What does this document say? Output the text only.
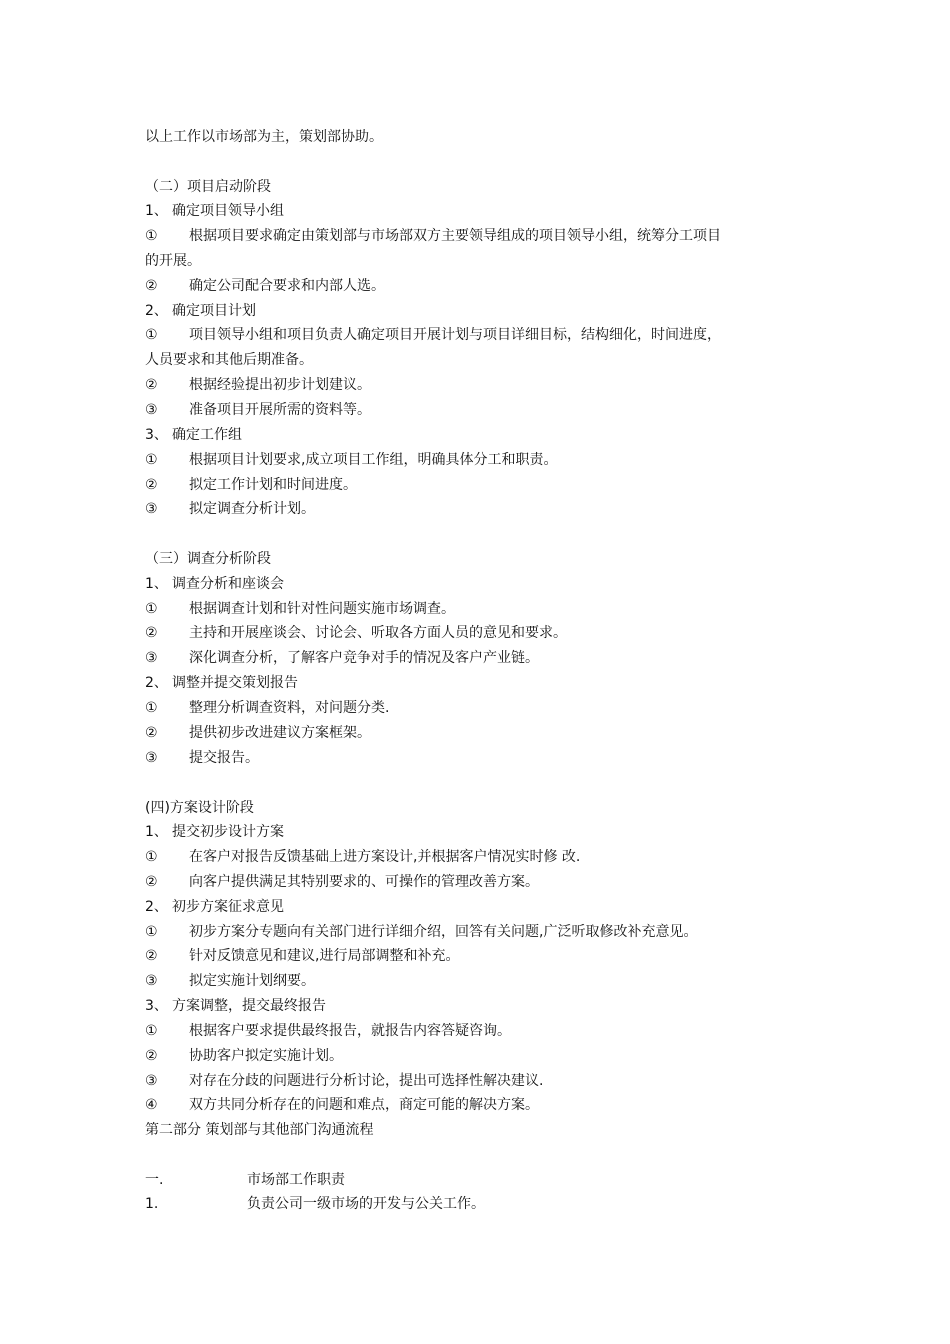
以上工作以市场部为主，策划部协助。
（二）项目启动阶段
1、 确定项目领导小组
① 根据项目要求确定由策划部与市场部双方主要领导组成的项目领导小组，统筹分工项目
的开展。
② 确定公司配合要求和内部人选。
2、 确定项目计划
① 项目领导小组和项目负责人确定项目开展计划与项目详细目标，结构细化，时间进度，
人员要求和其他后期准备。
② 根据经验提出初步计划建议。
③ 准备项目开展所需的资料等。
3、 确定工作组
① 根据项目计划要求,成立项目工作组，明确具体分工和职责。
② 拟定工作计划和时间进度。
③ 拟定调查分析计划。
（三）调查分析阶段
1、 调查分析和座谈会
① 根据调查计划和针对性问题实施市场调查。
② 主持和开展座谈会、讨论会、听取各方面人员的意见和要求。
③ 深化调查分析，了解客户竞争对手的情况及客户产业链。
2、 调整并提交策划报告
① 整理分析调查资料，对问题分类.
② 提供初步改进建议方案框架。
③ 提交报告。
(四)方案设计阶段
1、 提交初步设计方案
① 在客户对报告反馈基础上进方案设计,并根据客户情况实时修 改.
② 向客户提供满足其特别要求的、可操作的管理改善方案。
2、 初步方案征求意见
① 初步方案分专题向有关部门进行详细介绍，回答有关问题,广泛听取修改补充意见。
② 针对反馈意见和建议,进行局部调整和补充。
③ 拟定实施计划纲要。
3、 方案调整，提交最终报告
① 根据客户要求提供最终报告，就报告内容答疑咨询。
② 协助客户拟定实施计划。
③ 对存在分歧的问题进行分析讨论，提出可选择性解决建议.
④ 双方共同分析存在的问题和难点，商定可能的解决方案。
第二部分 策划部与其他部门沟通流程
一.	市场部工作职责
1.	负责公司一级市场的开发与公关工作。
